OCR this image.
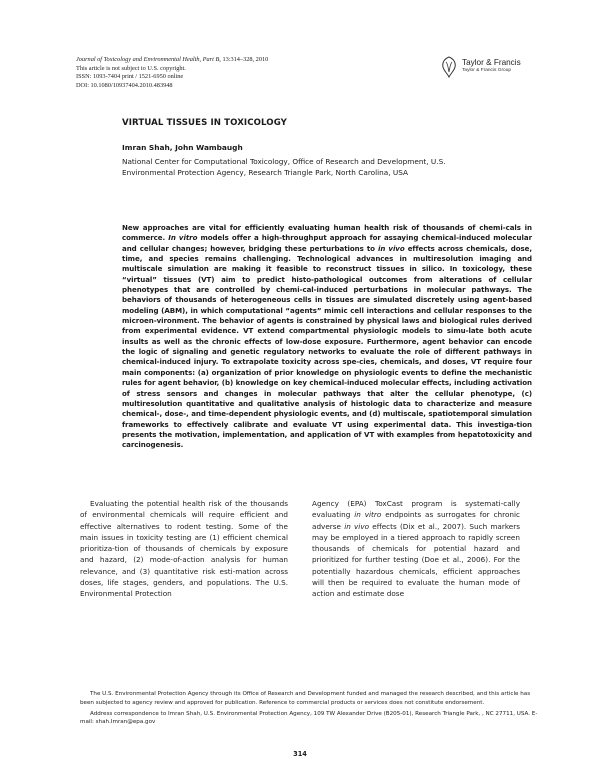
Journal of Toxicology and Environmental Health, Part B, 13:314–328, 2010
This article is not subject to U.S. copyright.
ISSN: 1093-7404 print / 1521-6950 online
DOI: 10.1080/10937404.2010.483948
Taylor & Francis
Taylor & Francis Group
VIRTUAL TISSUES IN TOXICOLOGY
Imran Shah, John Wambaugh
National Center for Computational Toxicology, Office of Research and Development, U.S.
Environmental Protection Agency, Research Triangle Park, North Carolina, USA
New approaches are vital for efficiently evaluating human health risk of thousands of chemi-cals in commerce. In vitro models offer a high-throughput approach for assaying chemical-induced molecular and cellular changes; however, bridging these perturbations to in vivo effects across chemicals, dose, time, and species remains challenging. Technological advances in multiresolution imaging and multiscale simulation are making it feasible to reconstruct tissues in silico. In toxicology, these “virtual” tissues (VT) aim to predict histo-pathological outcomes from alterations of cellular phenotypes that are controlled by chemi-cal-induced perturbations in molecular pathways. The behaviors of thousands of heterogeneous cells in tissues are simulated discretely using agent-based modeling (ABM), in which computational “agents” mimic cell interactions and cellular responses to the microen-vironment. The behavior of agents is constrained by physical laws and biological rules derived from experimental evidence. VT extend compartmental physiologic models to simu-late both acute insults as well as the chronic effects of low-dose exposure. Furthermore, agent behavior can encode the logic of signaling and genetic regulatory networks to evaluate the role of different pathways in chemical-induced injury. To extrapolate toxicity across spe-cies, chemicals, and doses, VT require four main components: (a) organization of prior knowledge on physiologic events to define the mechanistic rules for agent behavior, (b) knowledge on key chemical-induced molecular effects, including activation of stress sensors and changes in molecular pathways that alter the cellular phenotype, (c) multiresolution quantitative and qualitative analysis of histologic data to characterize and measure chemical-, dose-, and time-dependent physiologic events, and (d) multiscale, spatiotemporal simulation frameworks to effectively calibrate and evaluate VT using experimental data. This investiga-tion presents the motivation, implementation, and application of VT with examples from hepatotoxicity and carcinogenesis.
Evaluating the potential health risk of the thousands of environmental chemicals will require efficient and effective alternatives to rodent testing. Some of the main issues in toxicity testing are (1) efficient chemical prioritiza-tion of thousands of chemicals by exposure and hazard, (2) mode-of-action analysis for human relevance, and (3) quantitative risk esti-mation across doses, life stages, genders, and populations. The U.S. Environmental Protection
Agency (EPA) ToxCast program is systemati-cally evaluating in vitro endpoints as surrogates for chronic adverse in vivo effects (Dix et al., 2007). Such markers may be employed in a tiered approach to rapidly screen thousands of chemicals for potential hazard and prioritized for further testing (Doe et al., 2006). For the potentially hazardous chemicals, efficient approaches will then be required to evaluate the human mode of action and estimate dose

The U.S. Environmental Protection Agency through its Office of Research and Development funded and managed the research described, and this article has been subjected to agency review and approved for publication. Reference to commercial products or services does not constitute endorsement.

Address correspondence to Imran Shah, U.S. Environmental Protection Agency, 109 TW Alexander Drive (B205-01), Research Triangle Park, , NC 27711, USA. E-mail: shah.Imran@epa.gov

314
